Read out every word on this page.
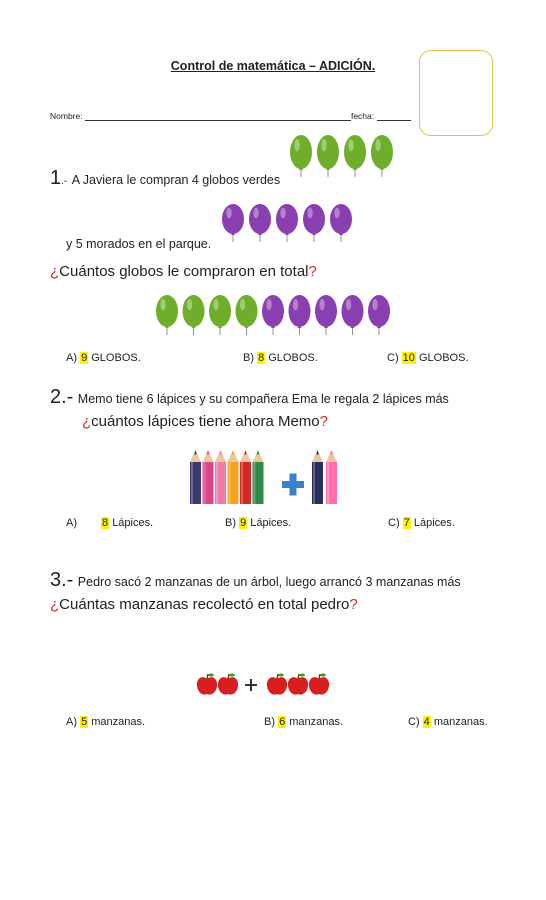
Control de matemática – ADICIÓN.
Nombre:	fecha:
1.- A Javiera le compran 4 globos verdes
y 5 morados en el parque.
¿Cuántos globos le compraron en total?
A) 9 GLOBOS.	B) 8 GLOBOS.	C) 10 GLOBOS.
2.- Memo tiene 6 lápices y su compañera Ema le regala 2 lápices más
¿cuántos lápices tiene ahora Memo?
A) 8 Lápices.	B) 9 Lápices.	C) 7 Lápices.
3.- Pedro sacó 2 manzanas de un árbol, luego arrancó 3 manzanas más
¿Cuántas manzanas recolectó en total pedro?
A) 5 manzanas.	B) 6 manzanas.	C) 4 manzanas.
